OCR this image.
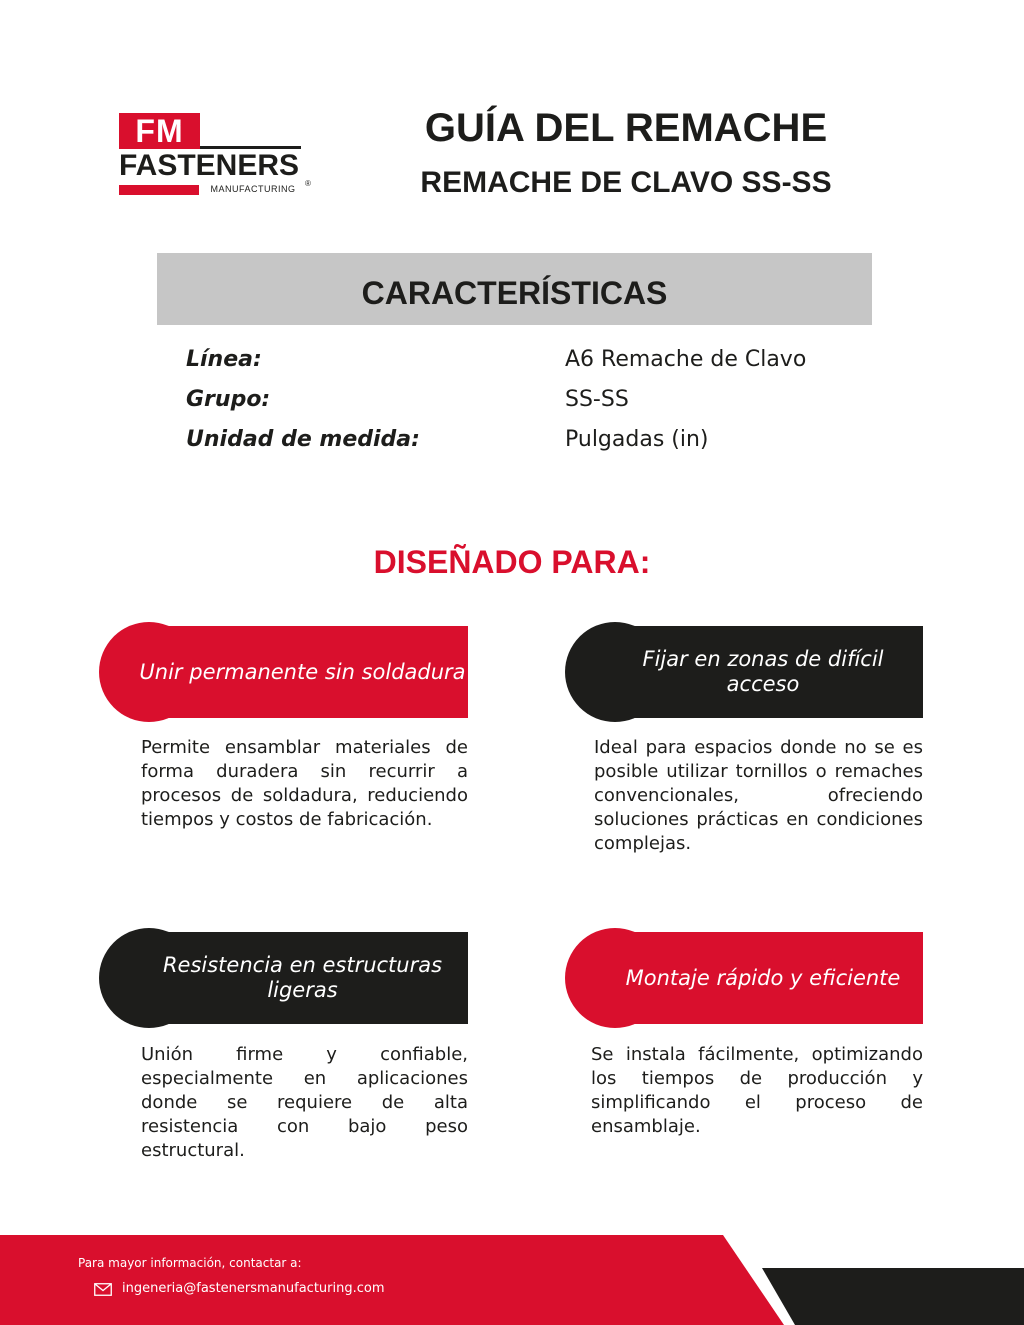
FM
FASTENERS
MANUFACTURING
®
GUÍA DEL REMACHE
REMACHE DE CLAVO SS-SS
CARACTERÍSTICAS
Línea:	A6 Remache de Clavo
Grupo:	SS-SS
Unidad de medida:	Pulgadas (in)
DISEÑADO PARA:
Unir permanente sin soldadura

Permite ensamblar materiales de forma duradera sin recurrir a procesos de soldadura, reduciendo tiempos y costos de fabricación.

Fijar en zonas de difícil acceso

Ideal para espacios donde no se es posible utilizar tornillos o remaches convencionales, ofreciendo soluciones prácticas en condiciones complejas.

Resistencia en estructuras ligeras

Unión firme y confiable, especialmente en aplicaciones donde se requiere de alta resistencia con bajo peso estructural.

Montaje rápido y eficiente

Se instala fácilmente, optimizando los tiempos de producción y simplificando el proceso de ensamblaje.

Para mayor información, contactar a:
ingeneria@fastenersmanufacturing.com
